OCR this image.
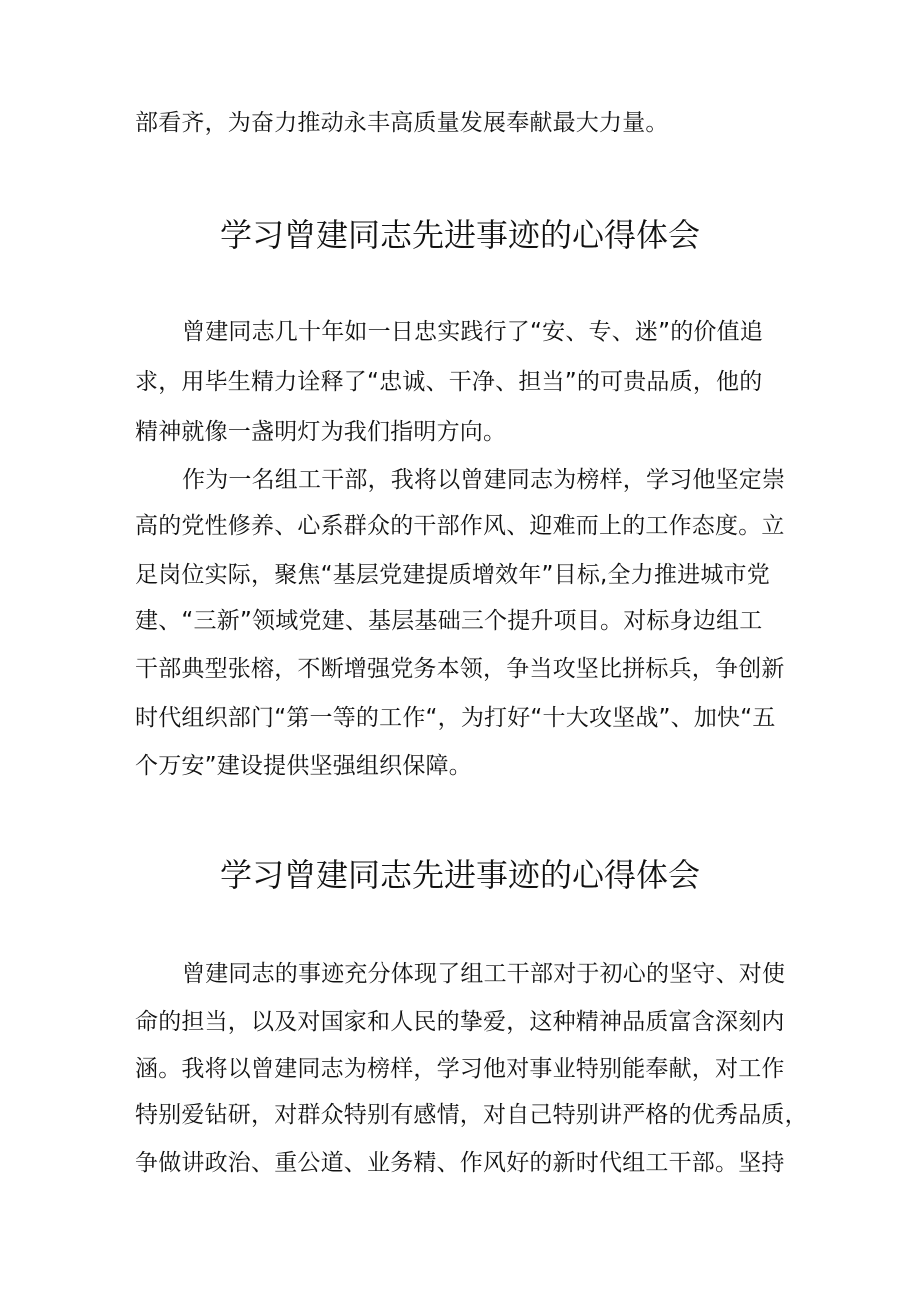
部看齐，为奋力推动永丰高质量发展奉献最大力量。
学习曾建同志先进事迹的心得体会
曾建同志几十年如一日忠实践行了“安、专、迷”的价值追
求，用毕生精力诠释了“忠诚、干净、担当”的可贵品质，他的
精神就像一盏明灯为我们指明方向。
作为一名组工干部，我将以曾建同志为榜样，学习他坚定崇
高的党性修养、心系群众的干部作风、迎难而上的工作态度。立
足岗位实际，聚焦“基层党建提质增效年”目标,全力推进城市党
建、“三新”领域党建、基层基础三个提升项目。对标身边组工
干部典型张榕，不断增强党务本领，争当攻坚比拼标兵，争创新
时代组织部门“第一等的工作“，为打好“十大攻坚战”、加快“五
个万安”建设提供坚强组织保障。
学习曾建同志先进事迹的心得体会
曾建同志的事迹充分体现了组工干部对于初心的坚守、对使
命的担当，以及对国家和人民的挚爱，这种精神品质富含深刻内
涵。我将以曾建同志为榜样，学习他对事业特别能奉献，对工作
特别爱钻研，对群众特别有感情，对自己特别讲严格的优秀品质，
争做讲政治、重公道、业务精、作风好的新时代组工干部。坚持
